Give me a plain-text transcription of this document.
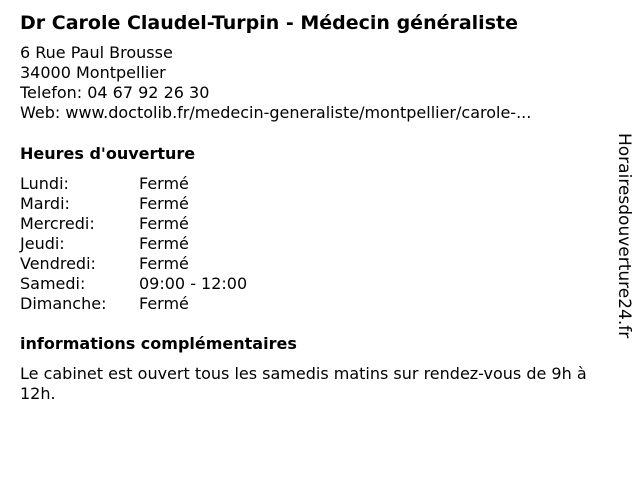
Dr Carole Claudel-Turpin - Médecin généraliste
6 Rue Paul Brousse
34000 Montpellier
Telefon: 04 67 92 26 30
Web: www.doctolib.fr/medecin-generaliste/montpellier/carole-...
Heures d'ouverture
Lundi:	Fermé
Mardi:	Fermé
Mercredi:	Fermé
Jeudi:	Fermé
Vendredi:	Fermé
Samedi:	09:00 - 12:00
Dimanche:	Fermé
informations complémentaires
Le cabinet est ouvert tous les samedis matins sur rendez-vous de 9h à 12h.
Horairesdouverture24.fr
